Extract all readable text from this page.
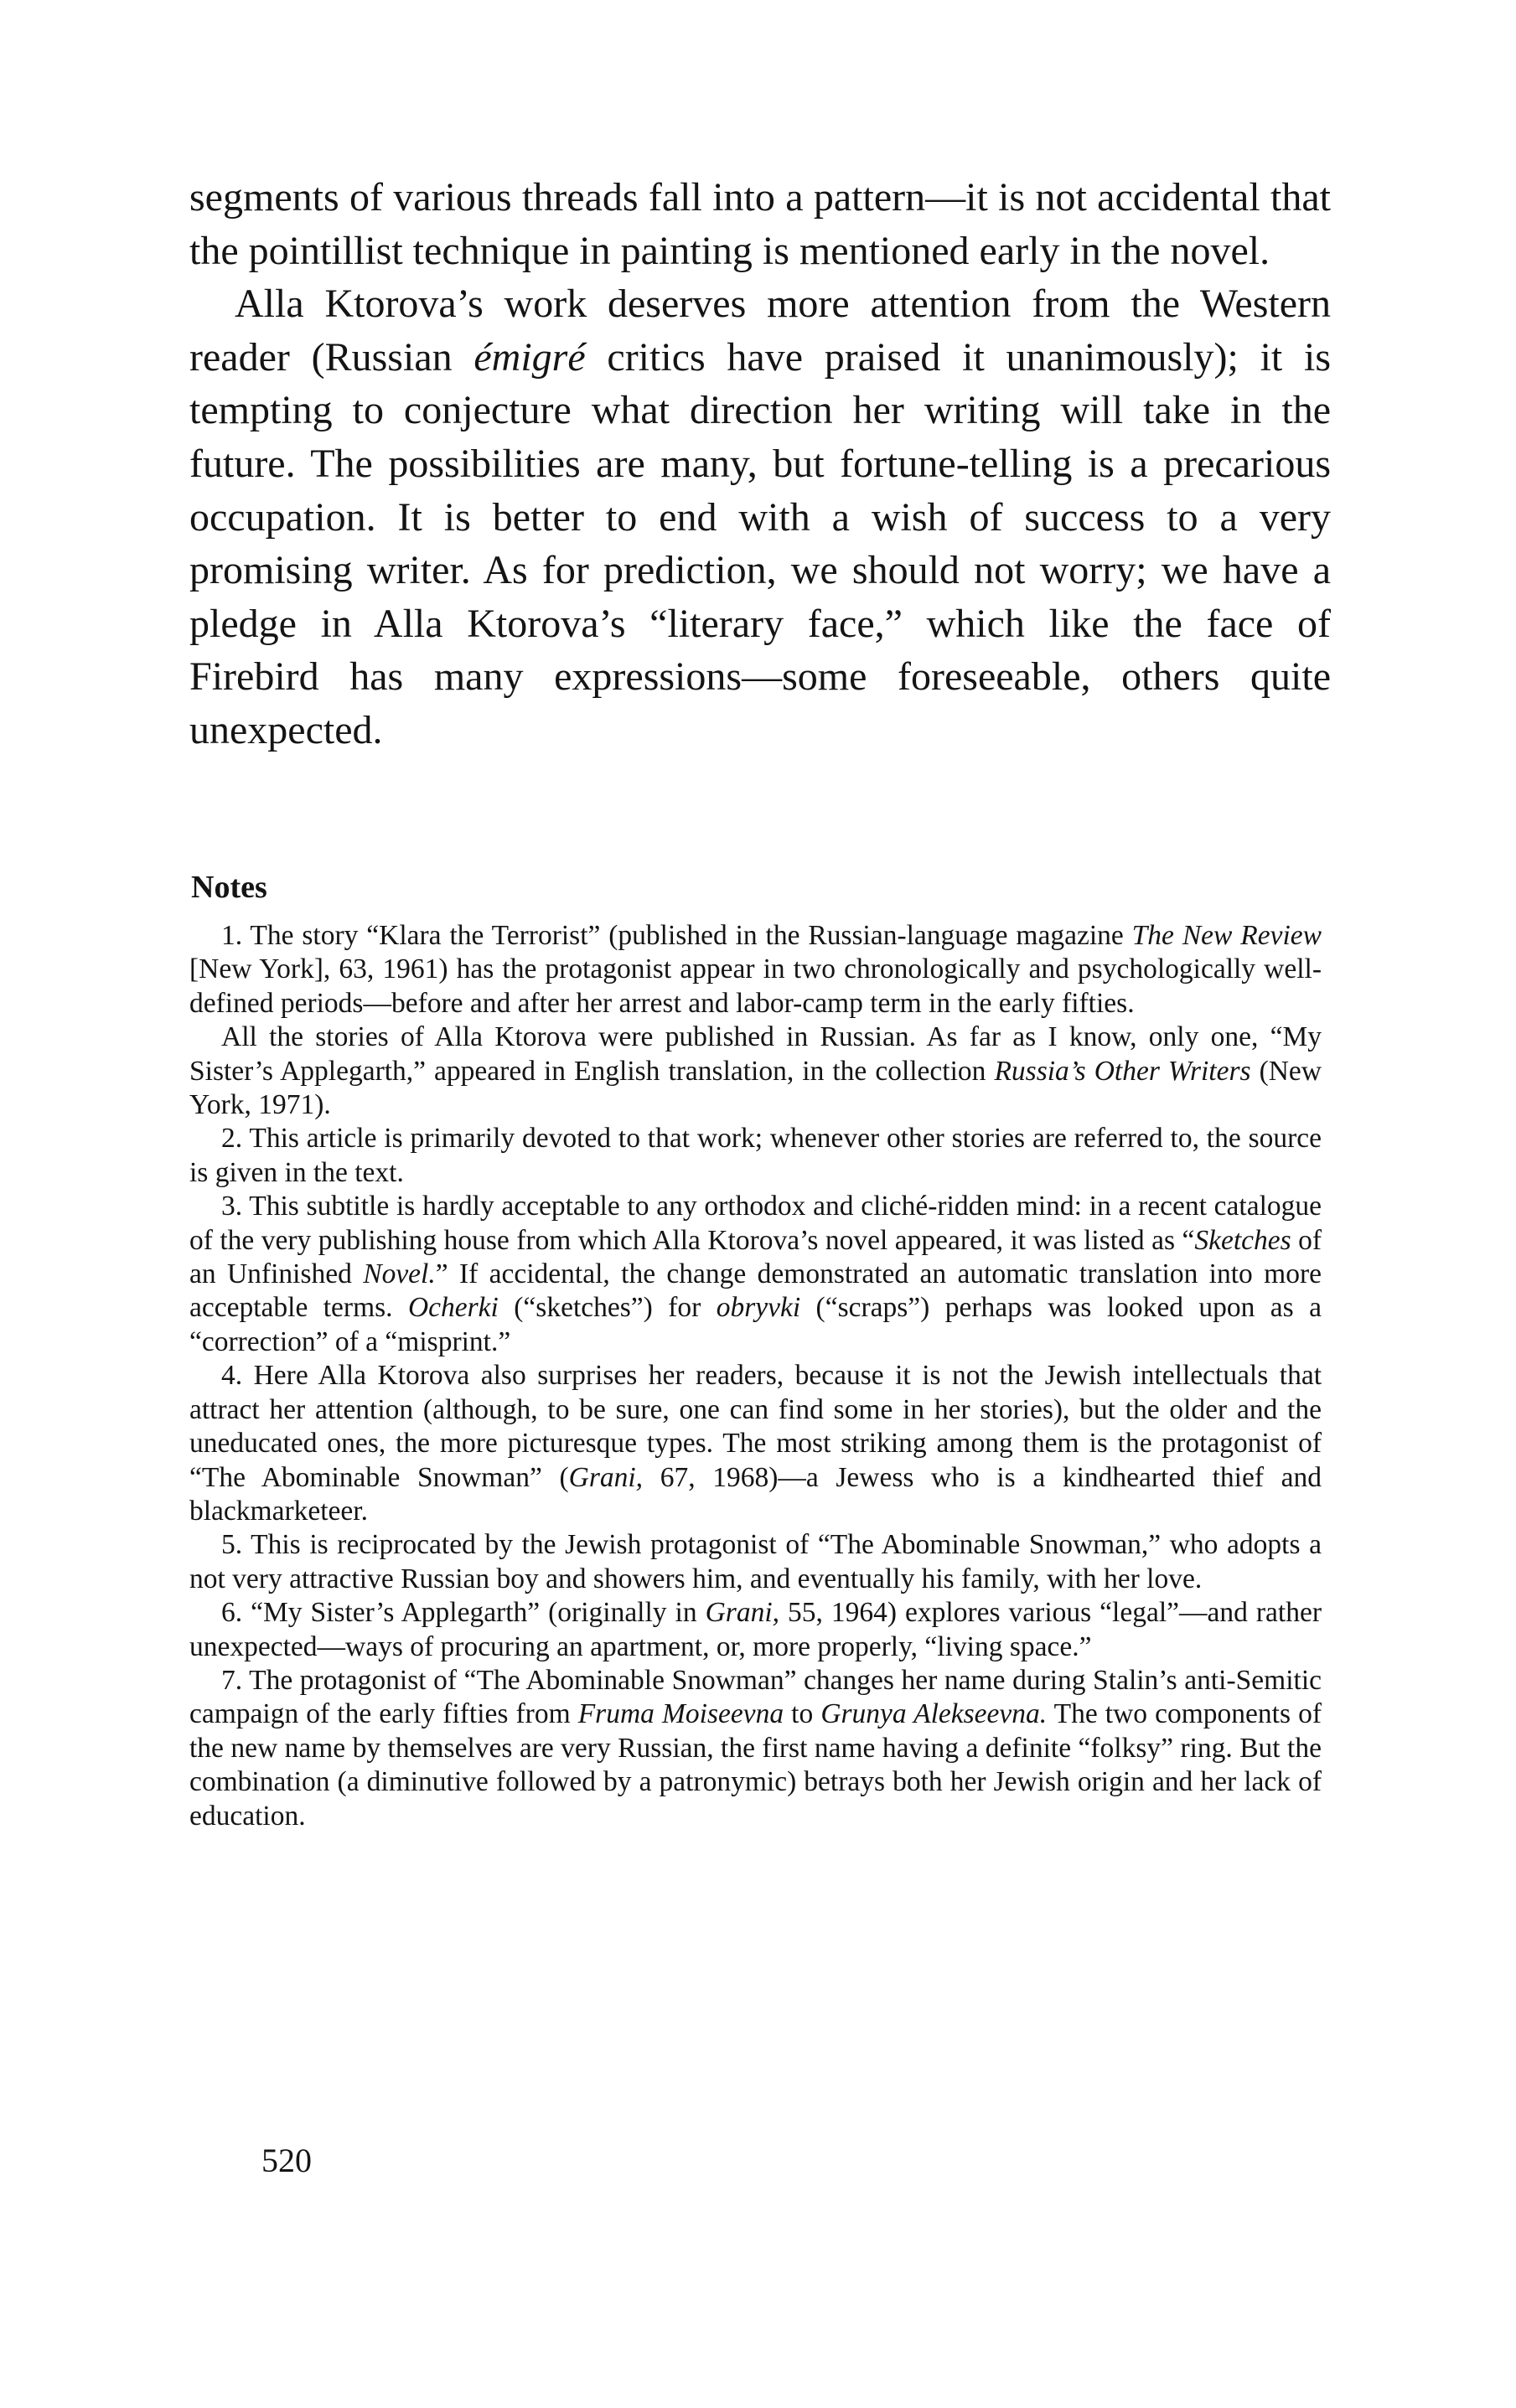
segments of various threads fall into a pattern—it is not accidental that the pointillist technique in painting is mentioned early in the novel.

Alla Ktorova’s work deserves more attention from the Western reader (Russian émigré critics have praised it unanimously); it is tempting to conjecture what direction her writing will take in the future. The possibilities are many, but fortune-telling is a precarious occupation. It is better to end with a wish of success to a very promising writer. As for prediction, we should not worry; we have a pledge in Alla Ktorova’s “literary face,” which like the face of Firebird has many expressions—some foreseeable, others quite unexpected.

Notes

1. The story “Klara the Terrorist” (published in the Russian-language magazine The New Review [New York], 63, 1961) has the protagonist appear in two chronologically and psychologically well-defined periods—before and after her arrest and labor-camp term in the early fifties.

All the stories of Alla Ktorova were published in Russian. As far as I know, only one, “My Sister’s Applegarth,” appeared in English translation, in the collection Russia’s Other Writers (New York, 1971).

2. This article is primarily devoted to that work; whenever other stories are referred to, the source is given in the text.

3. This subtitle is hardly acceptable to any orthodox and cliché-ridden mind: in a recent catalogue of the very publishing house from which Alla Ktorova’s novel appeared, it was listed as “Sketches of an Unfinished Novel.” If accidental, the change demonstrated an automatic translation into more acceptable terms. Ocherki (“sketches”) for obryvki (“scraps”) perhaps was looked upon as a “correction” of a “misprint.”

4. Here Alla Ktorova also surprises her readers, because it is not the Jewish intellectuals that attract her attention (although, to be sure, one can find some in her stories), but the older and the uneducated ones, the more picturesque types. The most striking among them is the protagonist of “The Abominable Snowman” (Grani, 67, 1968)—a Jewess who is a kindhearted thief and blackmarketeer.

5. This is reciprocated by the Jewish protagonist of “The Abominable Snowman,” who adopts a not very attractive Russian boy and showers him, and eventually his family, with her love.

6. “My Sister’s Applegarth” (originally in Grani, 55, 1964) explores various “legal”—and rather unexpected—ways of procuring an apartment, or, more properly, “living space.”

7. The protagonist of “The Abominable Snowman” changes her name during Stalin’s anti-Semitic campaign of the early fifties from Fruma Moiseevna to Grunya Alekseevna. The two components of the new name by themselves are very Russian, the first name having a definite “folksy” ring. But the combination (a diminutive followed by a patronymic) betrays both her Jewish origin and her lack of education.

520
